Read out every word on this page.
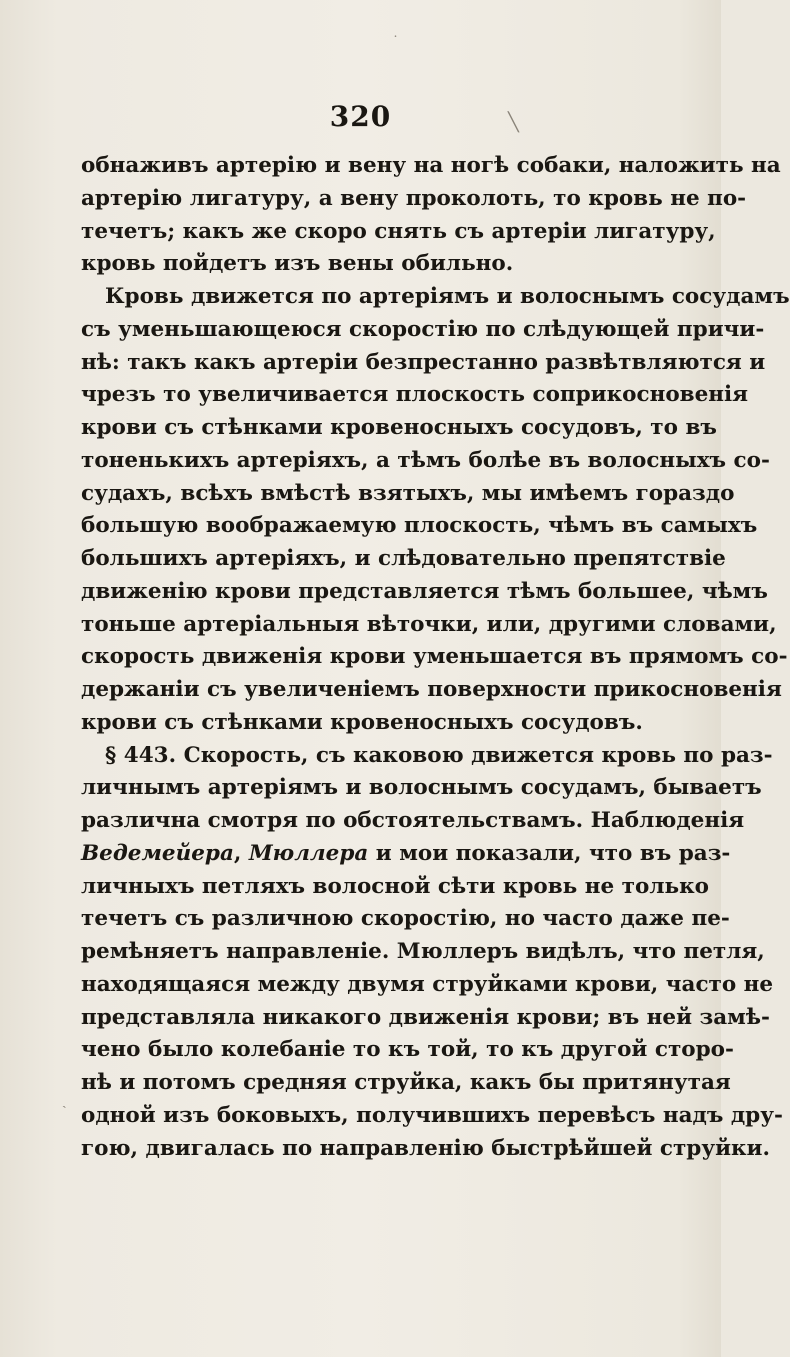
˙
╲
ˎ
320
обнаживъ артерію и вену на ногѣ собаки, наложить на
артерію лигатуру, а вену проколоть, то кровь не по-
течетъ; какъ же скоро снять съ артеріи лигатуру,
кровь пойдетъ изъ вены обильно.
Кровь движется по артеріямъ и волоснымъ сосудамъ
съ уменьшающеюся скоростію по слѣдующей причи-
нѣ: такъ какъ артеріи безпрестанно развѣтвляются и
чрезъ то увеличивается плоскость соприкосновенія
крови съ стѣнками кровеносныхъ сосудовъ, то въ
тоненькихъ артеріяхъ, а тѣмъ болѣе въ волосныхъ со-
судахъ, всѣхъ вмѣстѣ взятыхъ, мы имѣемъ гораздо
большую воображаемую плоскость, чѣмъ въ самыхъ
большихъ артеріяхъ, и слѣдовательно препятствіе
движенію крови представляется тѣмъ большее, чѣмъ
тоньше артеріальныя вѣточки, или, другими словами,
скорость движенія крови уменьшается въ прямомъ со-
держаніи съ увеличеніемъ поверхности прикосновенія
крови съ стѣнками кровеносныхъ сосудовъ.
§ 443. Скорость, съ каковою движется кровь по раз-
личнымъ артеріямъ и волоснымъ сосудамъ, бываетъ
различна смотря по обстоятельствамъ. Наблюденія
Ведемейера, Мюллера и мои показали, что въ раз-
личныхъ петляхъ волосной сѣти кровь не только
течетъ съ различною скоростію, но часто даже пе-
ремѣняетъ направленіе. Мюллеръ видѣлъ, что петля,
находящаяся между двумя струйками крови, часто не
представляла никакого движенія крови; въ ней замѣ-
чено было колебаніе то къ той, то къ другой сторо-
нѣ и потомъ средняя струйка, какъ бы притянутая
одной изъ боковыхъ, получившихъ перевѣсъ надъ дру-
гою, двигалась по направленію быстрѣйшей струйки.
